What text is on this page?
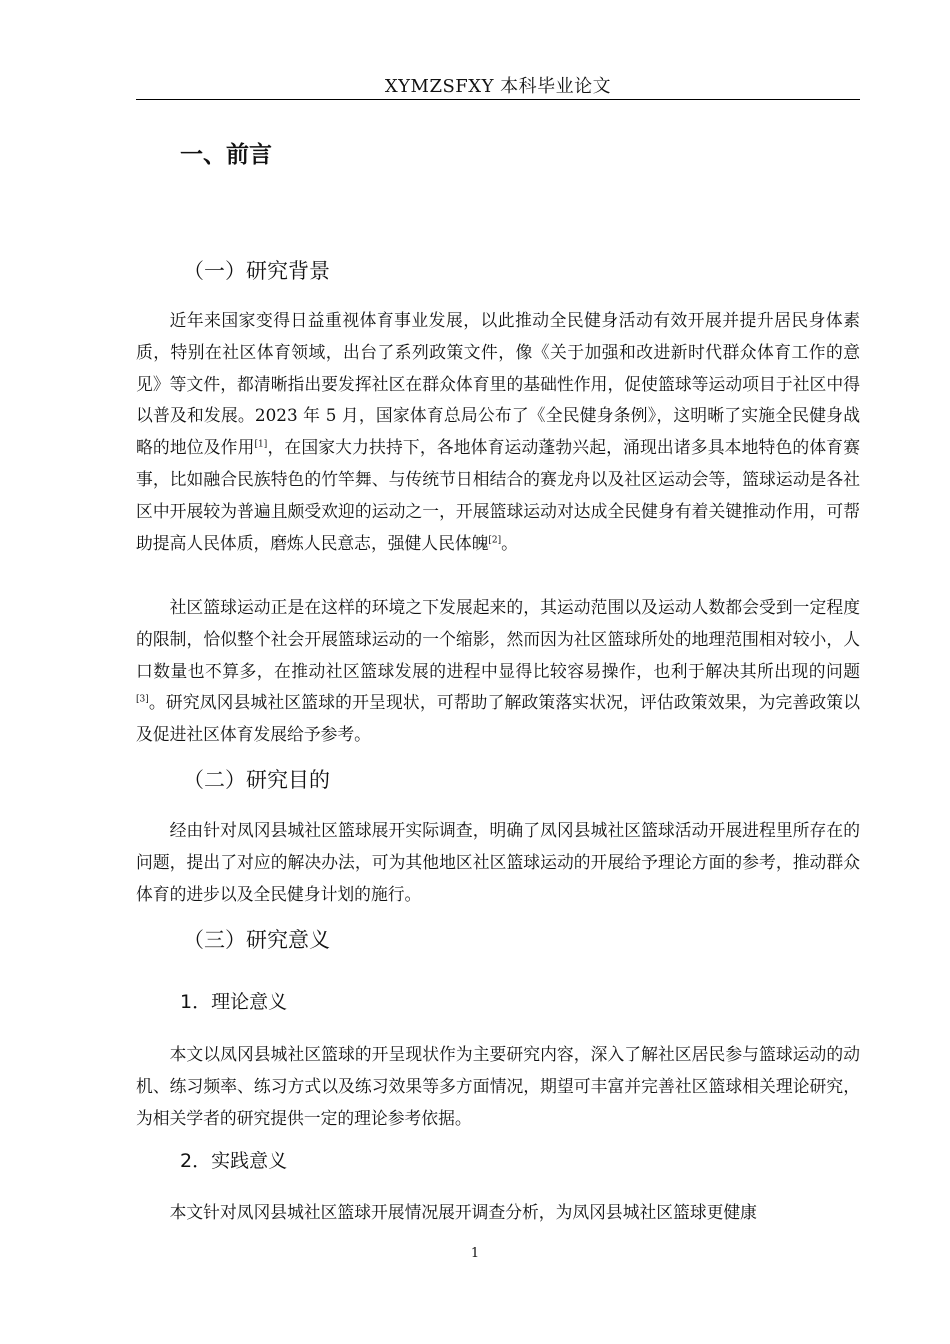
XYMZSFXY 本科毕业论文
一、前言
（一）研究背景

近年来国家变得日益重视体育事业发展，以此推动全民健身活动有效开展并提升居民身体素质，特别在社区体育领域，出台了系列政策文件，像《关于加强和改进新时代群众体育工作的意见》等文件，都清晰指出要发挥社区在群众体育里的基础性作用，促使篮球等运动项目于社区中得以普及和发展。2023 年 5 月，国家体育总局公布了《全民健身条例》，这明晰了实施全民健身战略的地位及作用[1]，在国家大力扶持下，各地体育运动蓬勃兴起，涌现出诸多具本地特色的体育赛事，比如融合民族特色的竹竿舞、与传统节日相结合的赛龙舟以及社区运动会等，篮球运动是各社区中开展较为普遍且颇受欢迎的运动之一，开展篮球运动对达成全民健身有着关键推动作用，可帮助提高人民体质，磨炼人民意志，强健人民体魄[2]。

社区篮球运动正是在这样的环境之下发展起来的，其运动范围以及运动人数都会受到一定程度的限制，恰似整个社会开展篮球运动的一个缩影，然而因为社区篮球所处的地理范围相对较小，人口数量也不算多，在推动社区篮球发展的进程中显得比较容易操作，也利于解决其所出现的问题[3]。研究凤冈县城社区篮球的开呈现状，可帮助了解政策落实状况，评估政策效果，为完善政策以及促进社区体育发展给予参考。

（二）研究目的

经由针对凤冈县城社区篮球展开实际调查，明确了凤冈县城社区篮球活动开展进程里所存在的问题，提出了对应的解决办法，可为其他地区社区篮球运动的开展给予理论方面的参考，推动群众体育的进步以及全民健身计划的施行。

（三）研究意义
1．理论意义

本文以凤冈县城社区篮球的开呈现状作为主要研究内容，深入了解社区居民参与篮球运动的动机、练习频率、练习方式以及练习效果等多方面情况，期望可丰富并完善社区篮球相关理论研究，为相关学者的研究提供一定的理论参考依据。

2．实践意义

本文针对凤冈县城社区篮球开展情况展开调查分析，为凤冈县城社区篮球更健康

1
